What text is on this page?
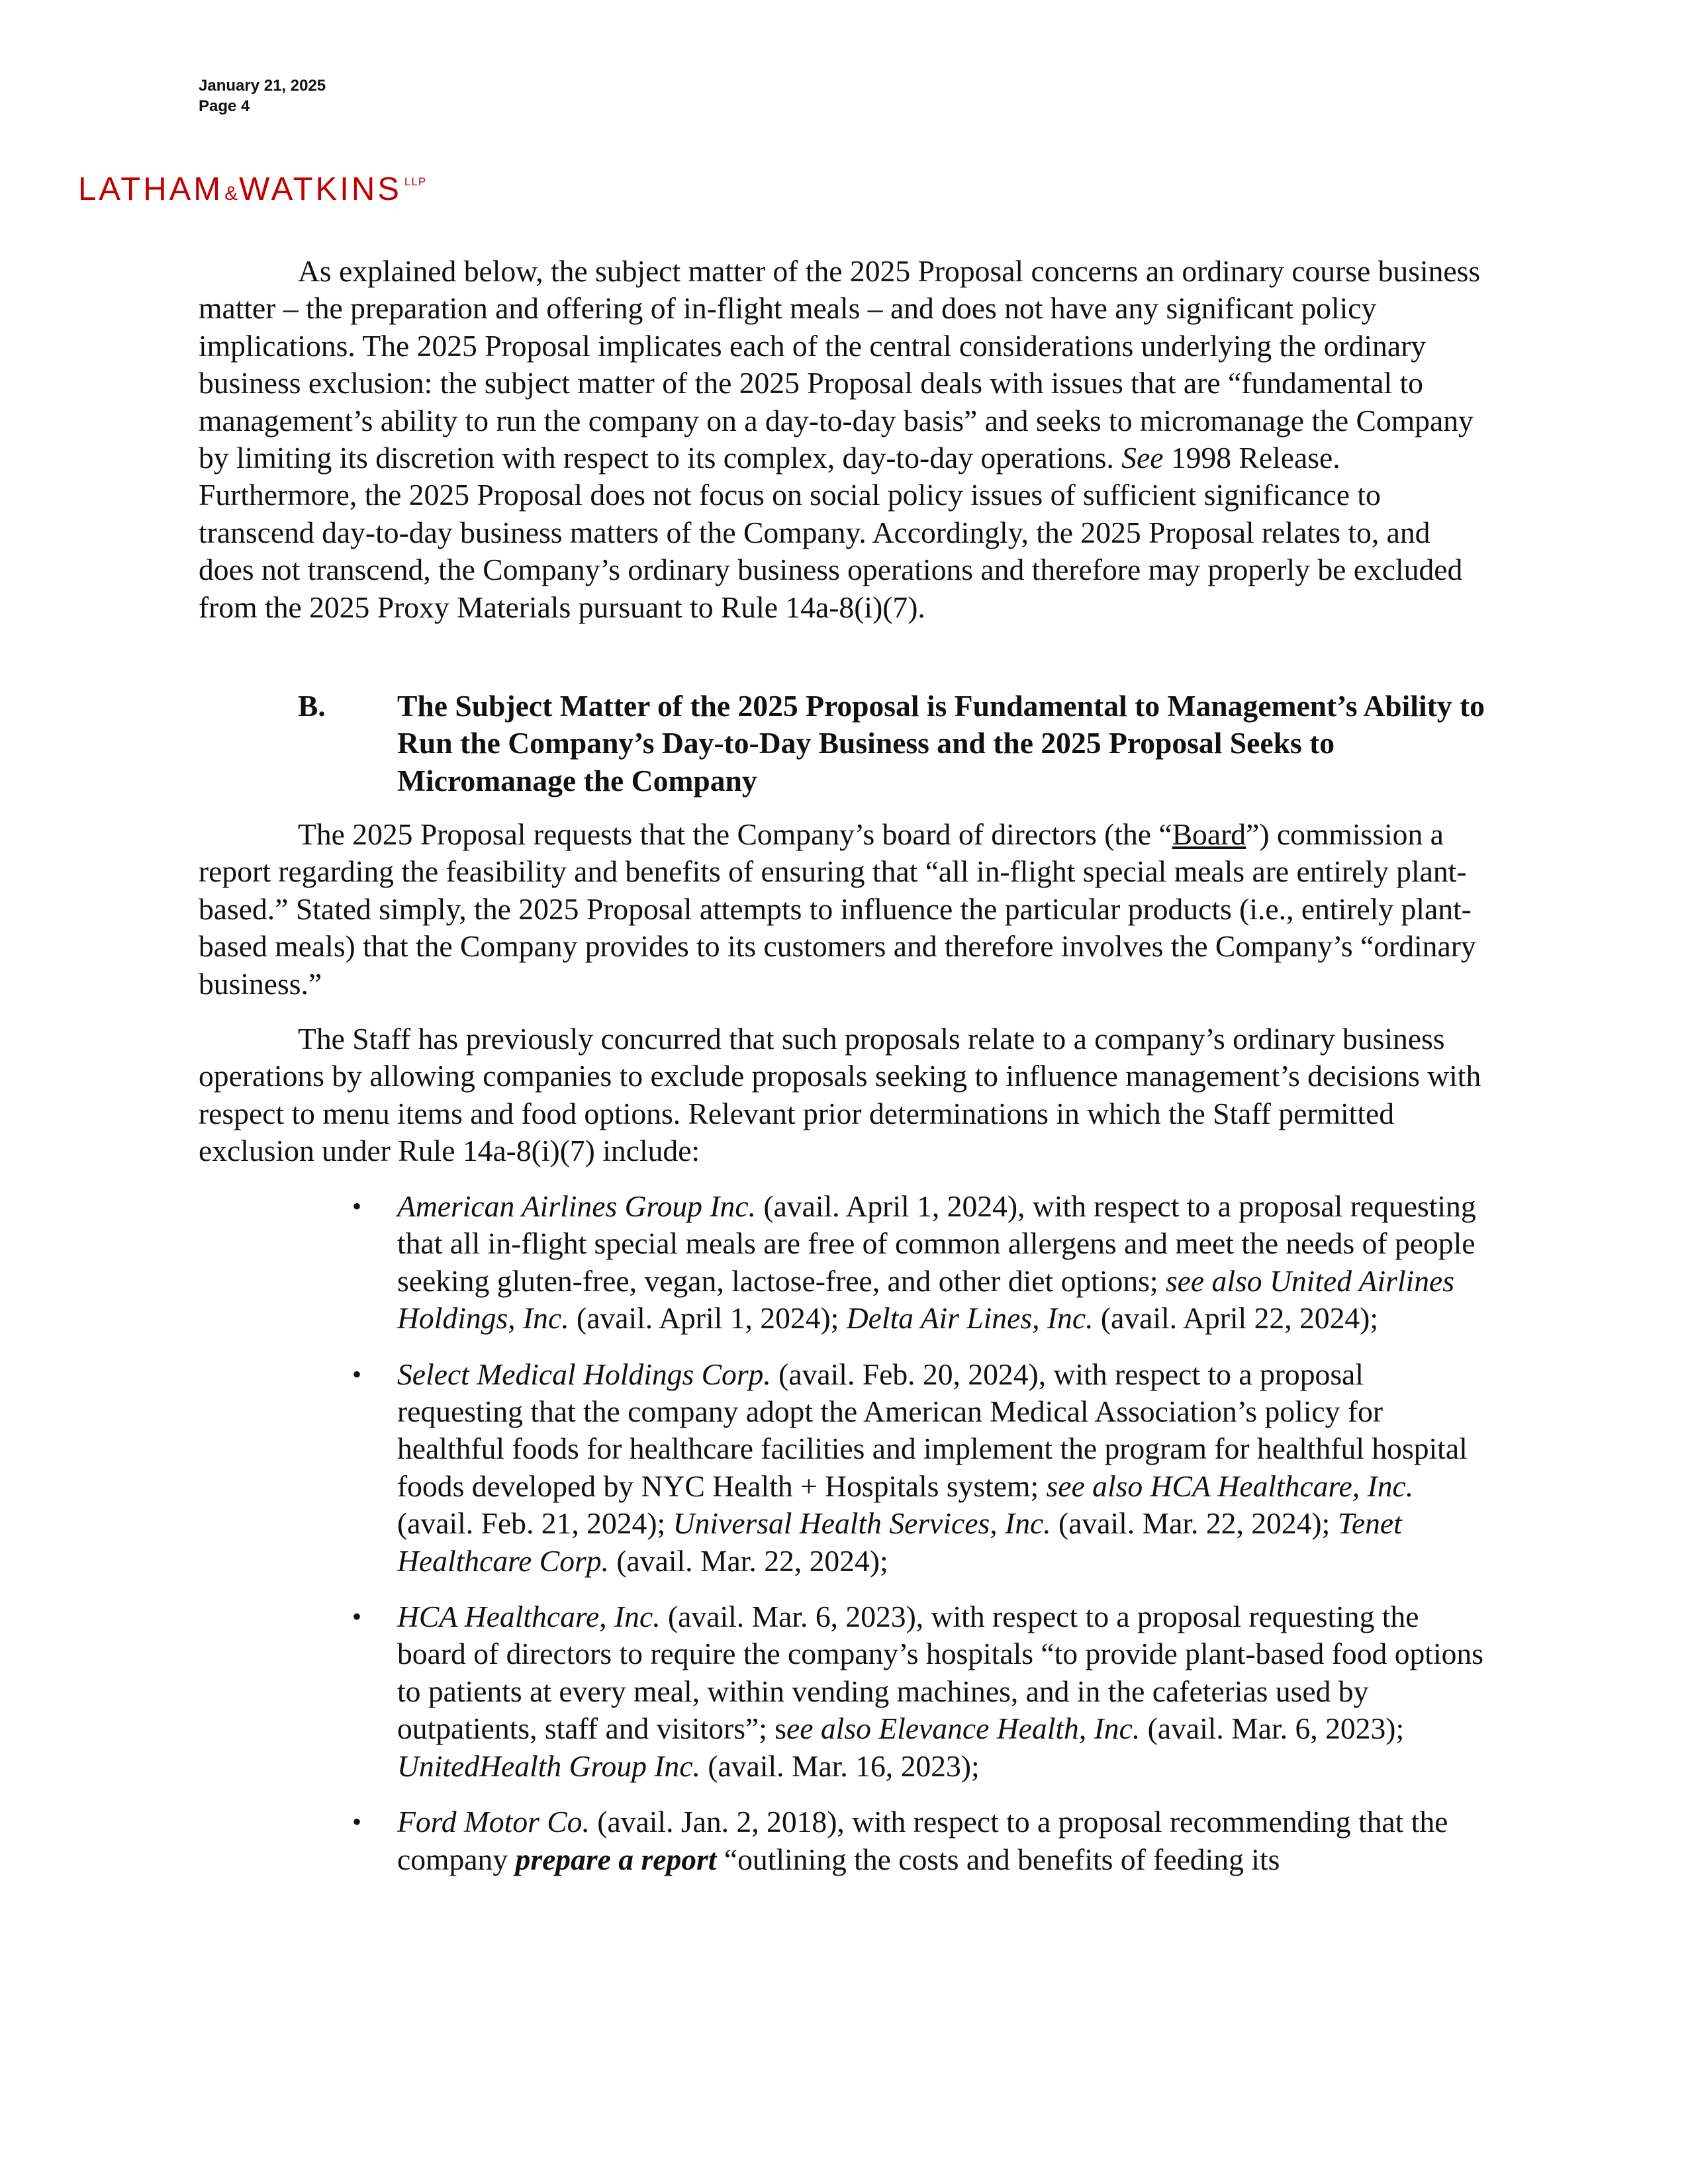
January 21, 2025
Page 4
LATHAM&WATKINS $^{LLP}$

As explained below, the subject matter of the 2025 Proposal concerns an ordinary course business matter – the preparation and offering of in-flight meals – and does not have any significant policy implications. The 2025 Proposal implicates each of the central considerations underlying the ordinary business exclusion: the subject matter of the 2025 Proposal deals with issues that are “fundamental to management’s ability to run the company on a day-to-day basis” and seeks to micromanage the Company by limiting its discretion with respect to its complex, day-to-day operations. See 1998 Release. Furthermore, the 2025 Proposal does not focus on social policy issues of sufficient significance to transcend day-to-day business matters of the Company. Accordingly, the 2025 Proposal relates to, and does not transcend, the Company’s ordinary business operations and therefore may properly be excluded from the 2025 Proxy Materials pursuant to Rule 14a-8(i)(7).

B. The Subject Matter of the 2025 Proposal is Fundamental to Management’s Ability to Run the Company’s Day-to-Day Business and the 2025 Proposal Seeks to Micromanage the Company

The 2025 Proposal requests that the Company’s board of directors (the “Board”) commission a report regarding the feasibility and benefits of ensuring that “all in-flight special meals are entirely plant-based.” Stated simply, the 2025 Proposal attempts to influence the particular products (i.e., entirely plant-based meals) that the Company provides to its customers and therefore involves the Company’s “ordinary business.”

The Staff has previously concurred that such proposals relate to a company’s ordinary business operations by allowing companies to exclude proposals seeking to influence management’s decisions with respect to menu items and food options. Relevant prior determinations in which the Staff permitted exclusion under Rule 14a-8(i)(7) include:

• American Airlines Group Inc. (avail. April 1, 2024), with respect to a proposal requesting that all in-flight special meals are free of common allergens and meet the needs of people seeking gluten-free, vegan, lactose-free, and other diet options; see also United Airlines Holdings, Inc. (avail. April 1, 2024); Delta Air Lines, Inc. (avail. April 22, 2024);
• Select Medical Holdings Corp. (avail. Feb. 20, 2024), with respect to a proposal requesting that the company adopt the American Medical Association’s policy for healthful foods for healthcare facilities and implement the program for healthful hospital foods developed by NYC Health + Hospitals system; see also HCA Healthcare, Inc. (avail. Feb. 21, 2024); Universal Health Services, Inc. (avail. Mar. 22, 2024); Tenet Healthcare Corp. (avail. Mar. 22, 2024);
• HCA Healthcare, Inc. (avail. Mar. 6, 2023), with respect to a proposal requesting the board of directors to require the company’s hospitals “to provide plant-based food options to patients at every meal, within vending machines, and in the cafeterias used by outpatients, staff and visitors”; see also Elevance Health, Inc. (avail. Mar. 6, 2023); UnitedHealth Group Inc. (avail. Mar. 16, 2023);
• Ford Motor Co. (avail. Jan. 2, 2018), with respect to a proposal recommending that the company prepare a report “outlining the costs and benefits of feeding its
